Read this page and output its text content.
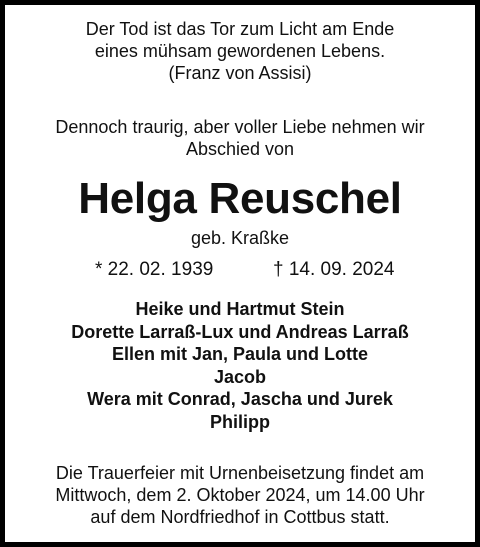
Der Tod ist das Tor zum Licht am Ende
eines mühsam gewordenen Lebens.
(Franz von Assisi)
Dennoch traurig, aber voller Liebe nehmen wir
Abschied von
Helga Reuschel
geb. Kraßke
* 22. 02. 1939	† 14. 09. 2024
Heike und Hartmut Stein
Dorette Larraß-Lux und Andreas Larraß
Ellen mit Jan, Paula und Lotte
Jacob
Wera mit Conrad, Jascha und Jurek
Philipp
Die Trauerfeier mit Urnenbeisetzung findet am
Mittwoch, dem 2. Oktober 2024, um 14.00 Uhr
auf dem Nordfriedhof in Cottbus statt.
